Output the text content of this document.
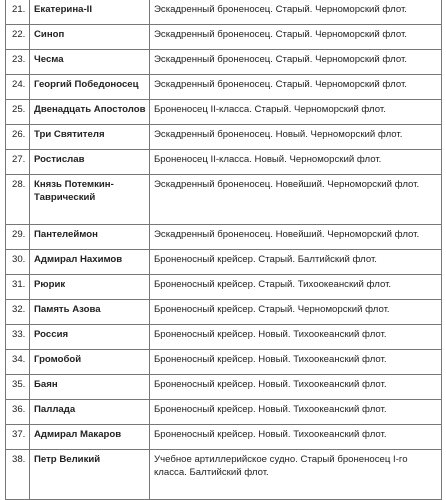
21.	Екатерина-II	Эскадренный броненосец. Старый. Черноморский флот.
22.	Синоп	Эскадренный броненосец. Старый. Черноморский флот.
23.	Чесма	Эскадренный броненосец. Старый. Черноморский флот.
24.	Георгий Победоносец	Эскадренный броненосец. Старый. Черноморский флот.
25.	Двенадцать Апостолов	Броненосец II-класса. Старый. Черноморский флот.
26.	Три Святителя	Эскадренный броненосец. Новый. Черноморский флот.
27.	Ростислав	Броненосец II-класса. Новый. Черноморский флот.
28.	Князь Потемкин-Таврический	Эскадренный броненосец. Новейший. Черноморский флот.
29.	Пантелеймон	Эскадренный броненосец. Новейший. Черноморский флот.
30.	Адмирал Нахимов	Броненосный крейсер. Старый. Балтийский флот.
31.	Рюрик	Броненосный крейсер. Старый. Тихоокеанский флот.
32.	Память Азова	Броненосный крейсер. Старый. Черноморский флот.
33.	Россия	Броненосный крейсер. Новый. Тихоокеанский флот.
34.	Громобой	Броненосный крейсер. Новый. Тихоокеанский флот.
35.	Баян	Броненосный крейсер. Новый. Тихоокеанский флот.
36.	Паллада	Броненосный крейсер. Новый. Тихоокеанский флот.
37.	Адмирал Макаров	Броненосный крейсер. Новый. Тихоокеанский флот.
38.	Петр Великий	Учебное артиллерийское судно. Старый броненосец I-го класса. Балтийский флот.
